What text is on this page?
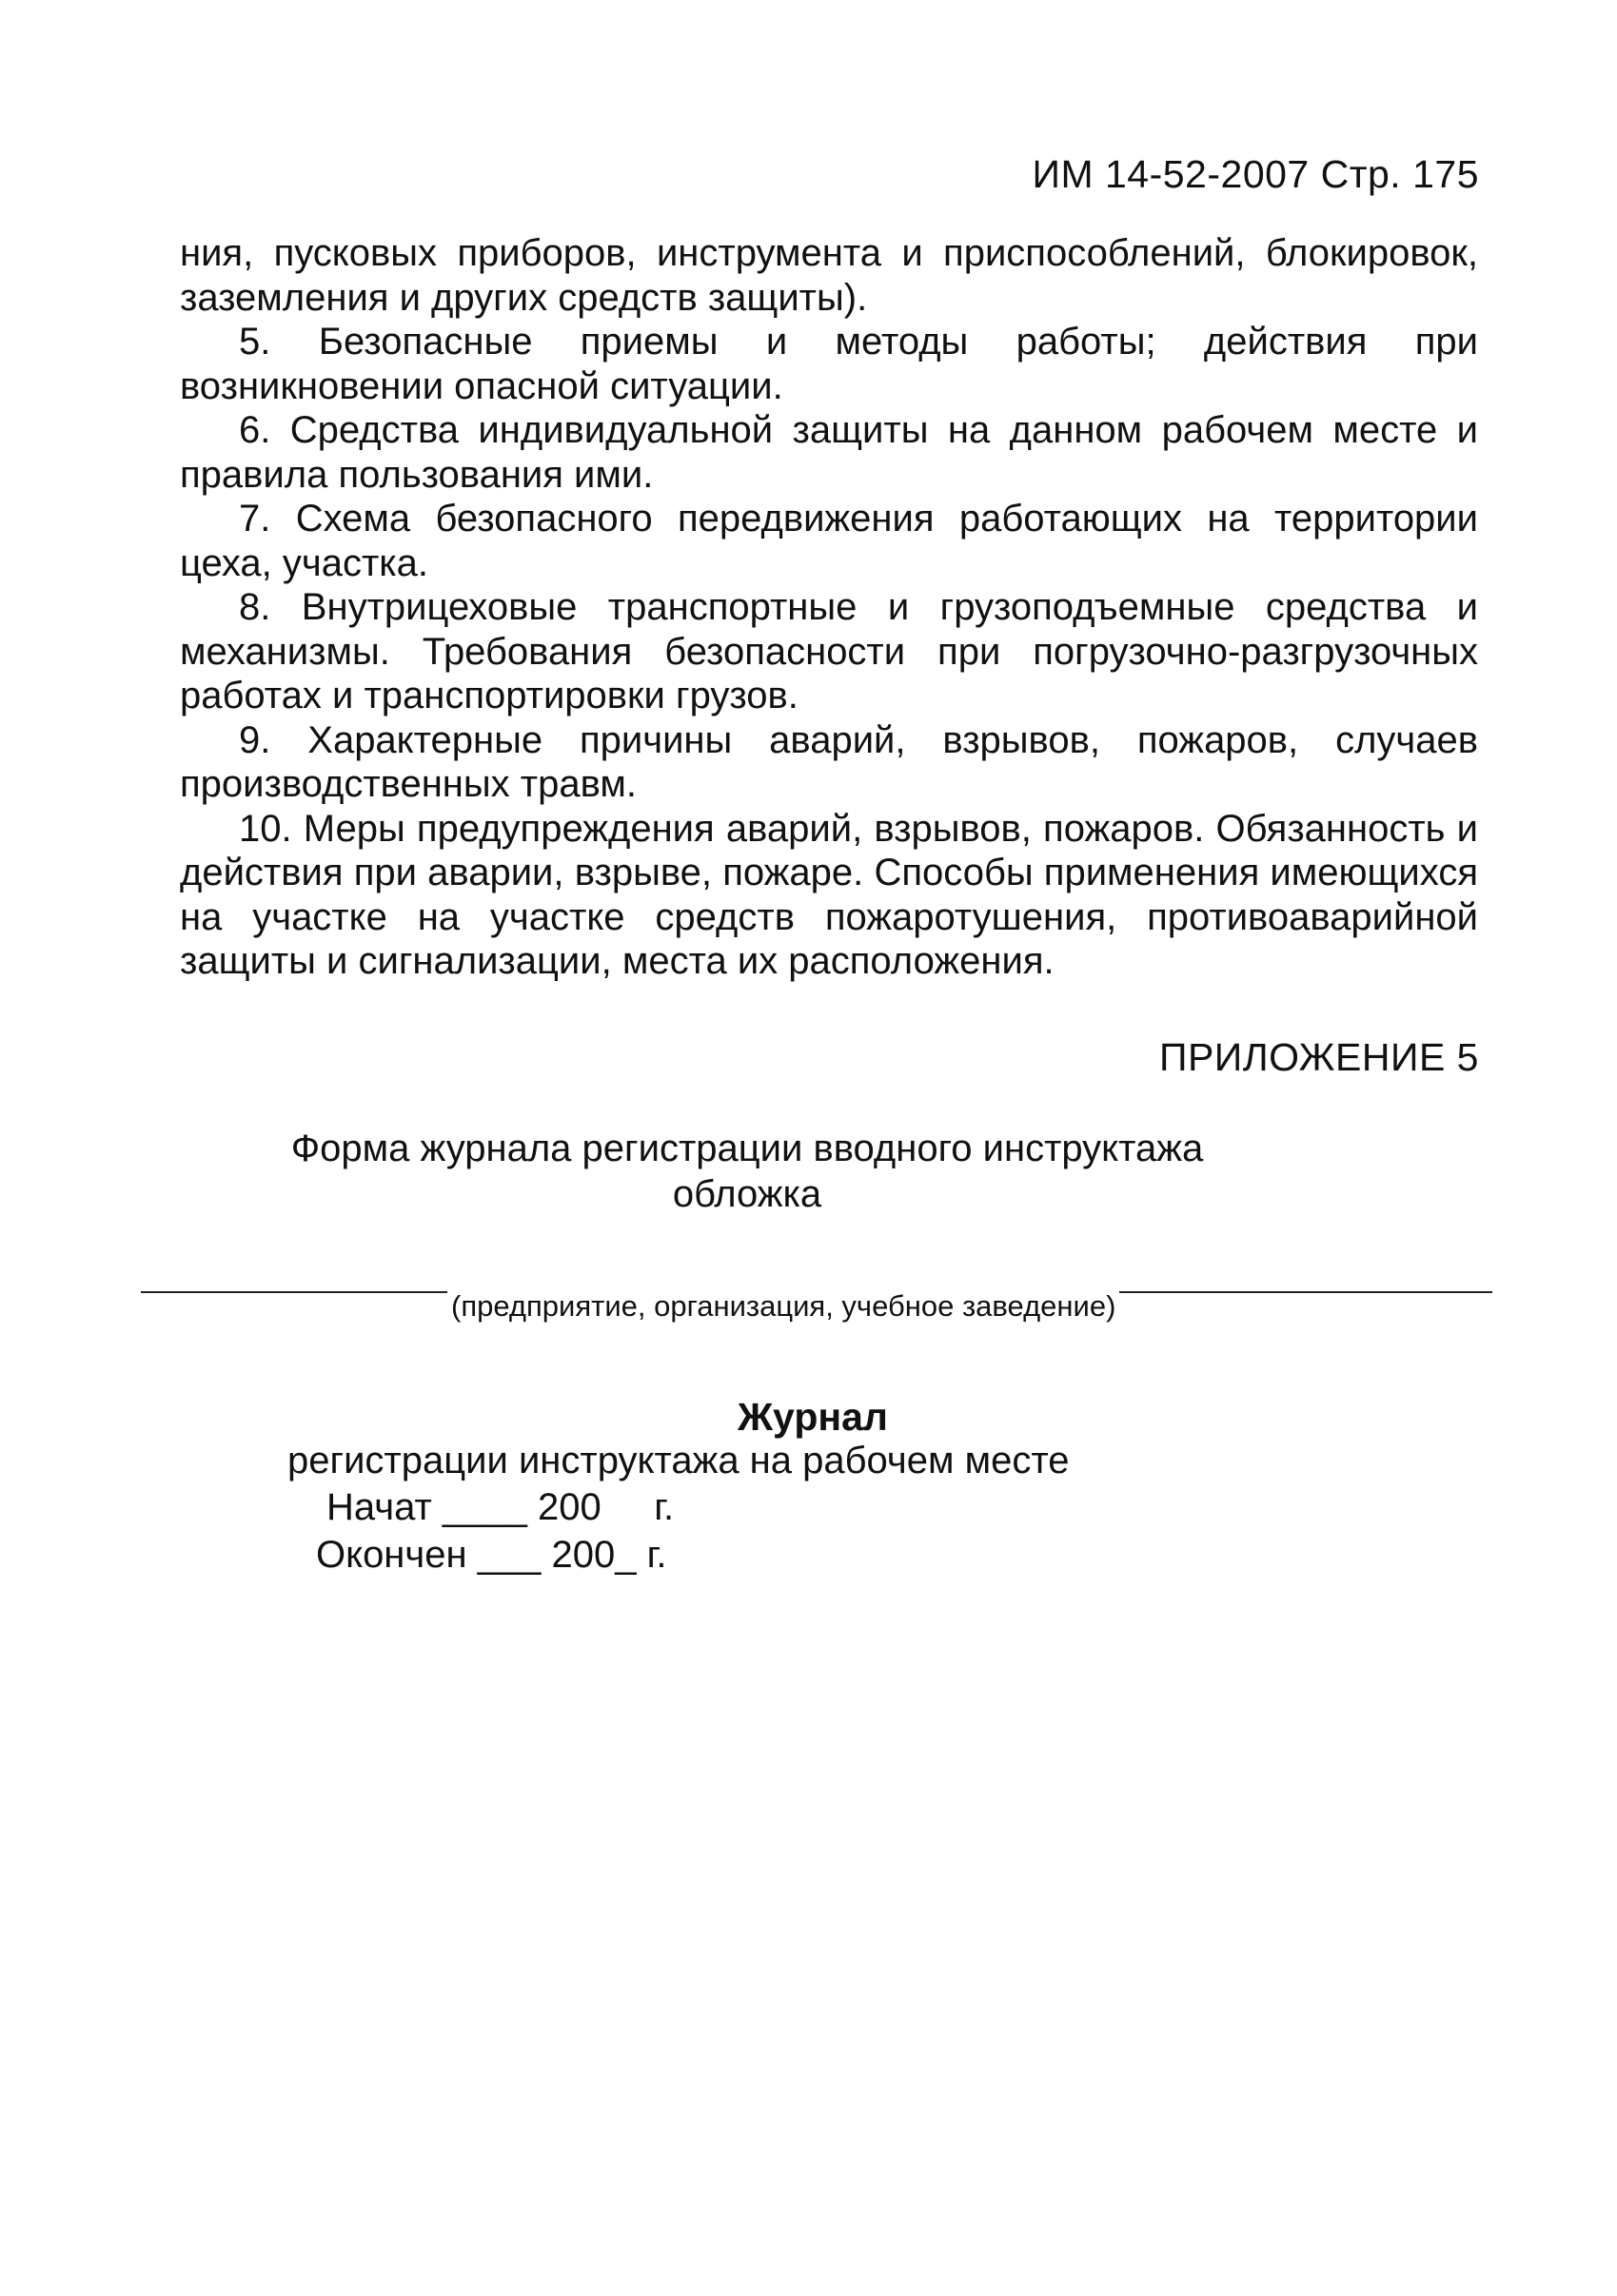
ИМ 14-52-2007 Стр. 175

ния, пусковых приборов, инструмента и приспособлений, блокировок, заземления и других средств защиты).

5. Безопасные приемы и методы работы; действия при возникновении опасной ситуации.

6. Средства индивидуальной защиты на данном рабочем месте и правила пользования ими.

7. Схема безопасного передвижения работающих на территории цеха, участка.

8. Внутрицеховые транспортные и грузоподъемные средства и механизмы. Требования безопасности при погрузочно-разгрузочных работах и транспортировки грузов.

9. Характерные причины аварий, взрывов, пожаров, случаев производственных травм.

10. Меры предупреждения аварий, взрывов, пожаров. Обязанность и действия при аварии, взрыве, пожаре. Способы применения имеющихся на участке на участке средств пожаротушения, противоаварийной защиты и сигнализации, места их расположения.

ПРИЛОЖЕНИЕ 5
Форма журнала регистрации вводного инструктажа
обложка
(предприятие, организация, учебное заведение)
Журнал
регистрации инструктажа на рабочем месте
Начат ____ 200     г.
Окончен ___ 200_ г.
